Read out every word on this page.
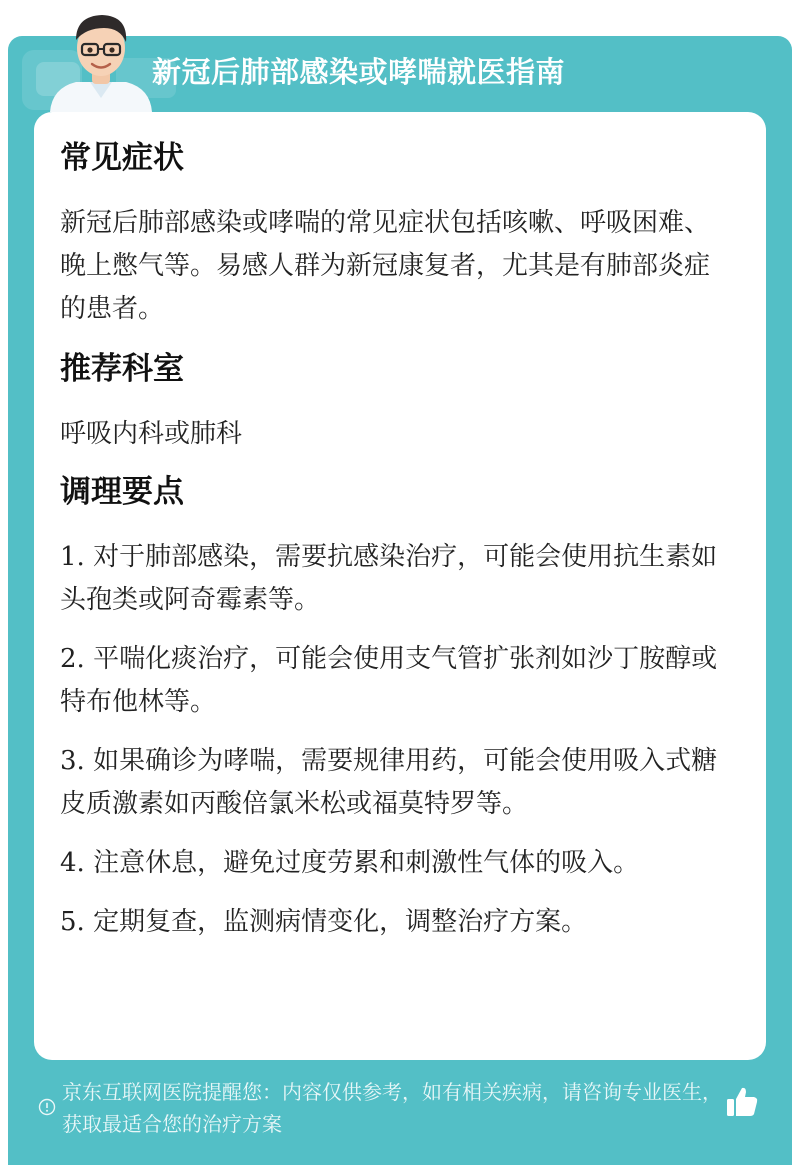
新冠后肺部感染或哮喘就医指南
常见症状
新冠后肺部感染或哮喘的常见症状包括咳嗽、呼吸困难、晚上憋气等。易感人群为新冠康复者，尤其是有肺部炎症的患者。
推荐科室
呼吸内科或肺科
调理要点
1. 对于肺部感染，需要抗感染治疗，可能会使用抗生素如头孢类或阿奇霉素等。
2. 平喘化痰治疗，可能会使用支气管扩张剂如沙丁胺醇或特布他林等。
3. 如果确诊为哮喘，需要规律用药，可能会使用吸入式糖皮质激素如丙酸倍氯米松或福莫特罗等。
4. 注意休息，避免过度劳累和刺激性气体的吸入。
5. 定期复查，监测病情变化，调整治疗方案。
京东互联网医院提醒您：内容仅供参考，如有相关疾病，请咨询专业医生，获取最适合您的治疗方案
